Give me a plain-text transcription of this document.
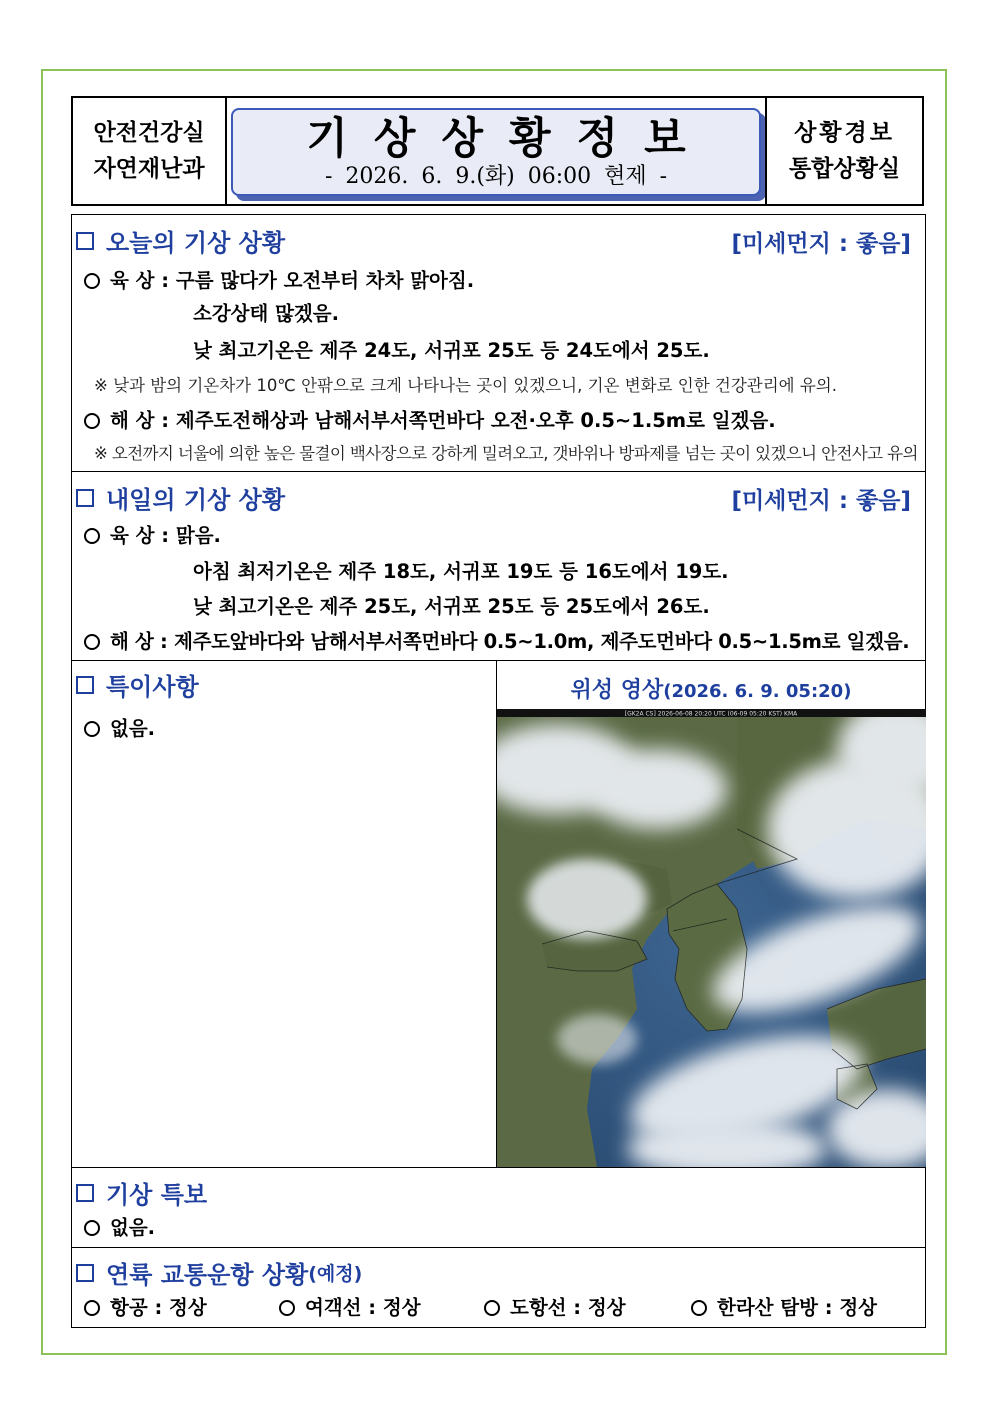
안전건강실
자연재난과
기상상황정보
- 2026. 6. 9.(화) 06:00 현제 -
상황경보
통합상황실
오늘의 기상 상황	[미세먼지 : 좋음]
육 상 : 구름 많다가 오전부터 차차 맑아짐.
소강상태 많겠음.
낮 최고기온은 제주 24도, 서귀포 25도 등 24도에서 25도.
※ 낮과 밤의 기온차가 10℃ 안팎으로 크게 나타나는 곳이 있겠으니, 기온 변화로 인한 건강관리에 유의.
해 상 : 제주도전해상과 남해서부서쪽먼바다 오전·오후 0.5~1.5m로 일겠음.
※ 오전까지 너울에 의한 높은 물결이 백사장으로 강하게 밀려오고, 갯바위나 방파제를 넘는 곳이 있겠으니 안전사고 유의
내일의 기상 상황	[미세먼지 : 좋음]
육 상 : 맑음.
아침 최저기온은 제주 18도, 서귀포 19도 등 16도에서 19도.
낮 최고기온은 제주 25도, 서귀포 25도 등 25도에서 26도.
해 상 : 제주도앞바다와 남해서부서쪽먼바다 0.5~1.0m, 제주도먼바다 0.5~1.5m로 일겠음.
특이사항
없음.
위성 영상(2026. 6. 9. 05:20)
[GK2A CS] 2026-06-08 20:20 UTC (06-09 05:20 KST) KMA
기상 특보
없음.
연륙 교통운항 상황 (예정)
항공 : 정상	여객선 : 정상	도항선 : 정상	한라산 탐방 : 정상
